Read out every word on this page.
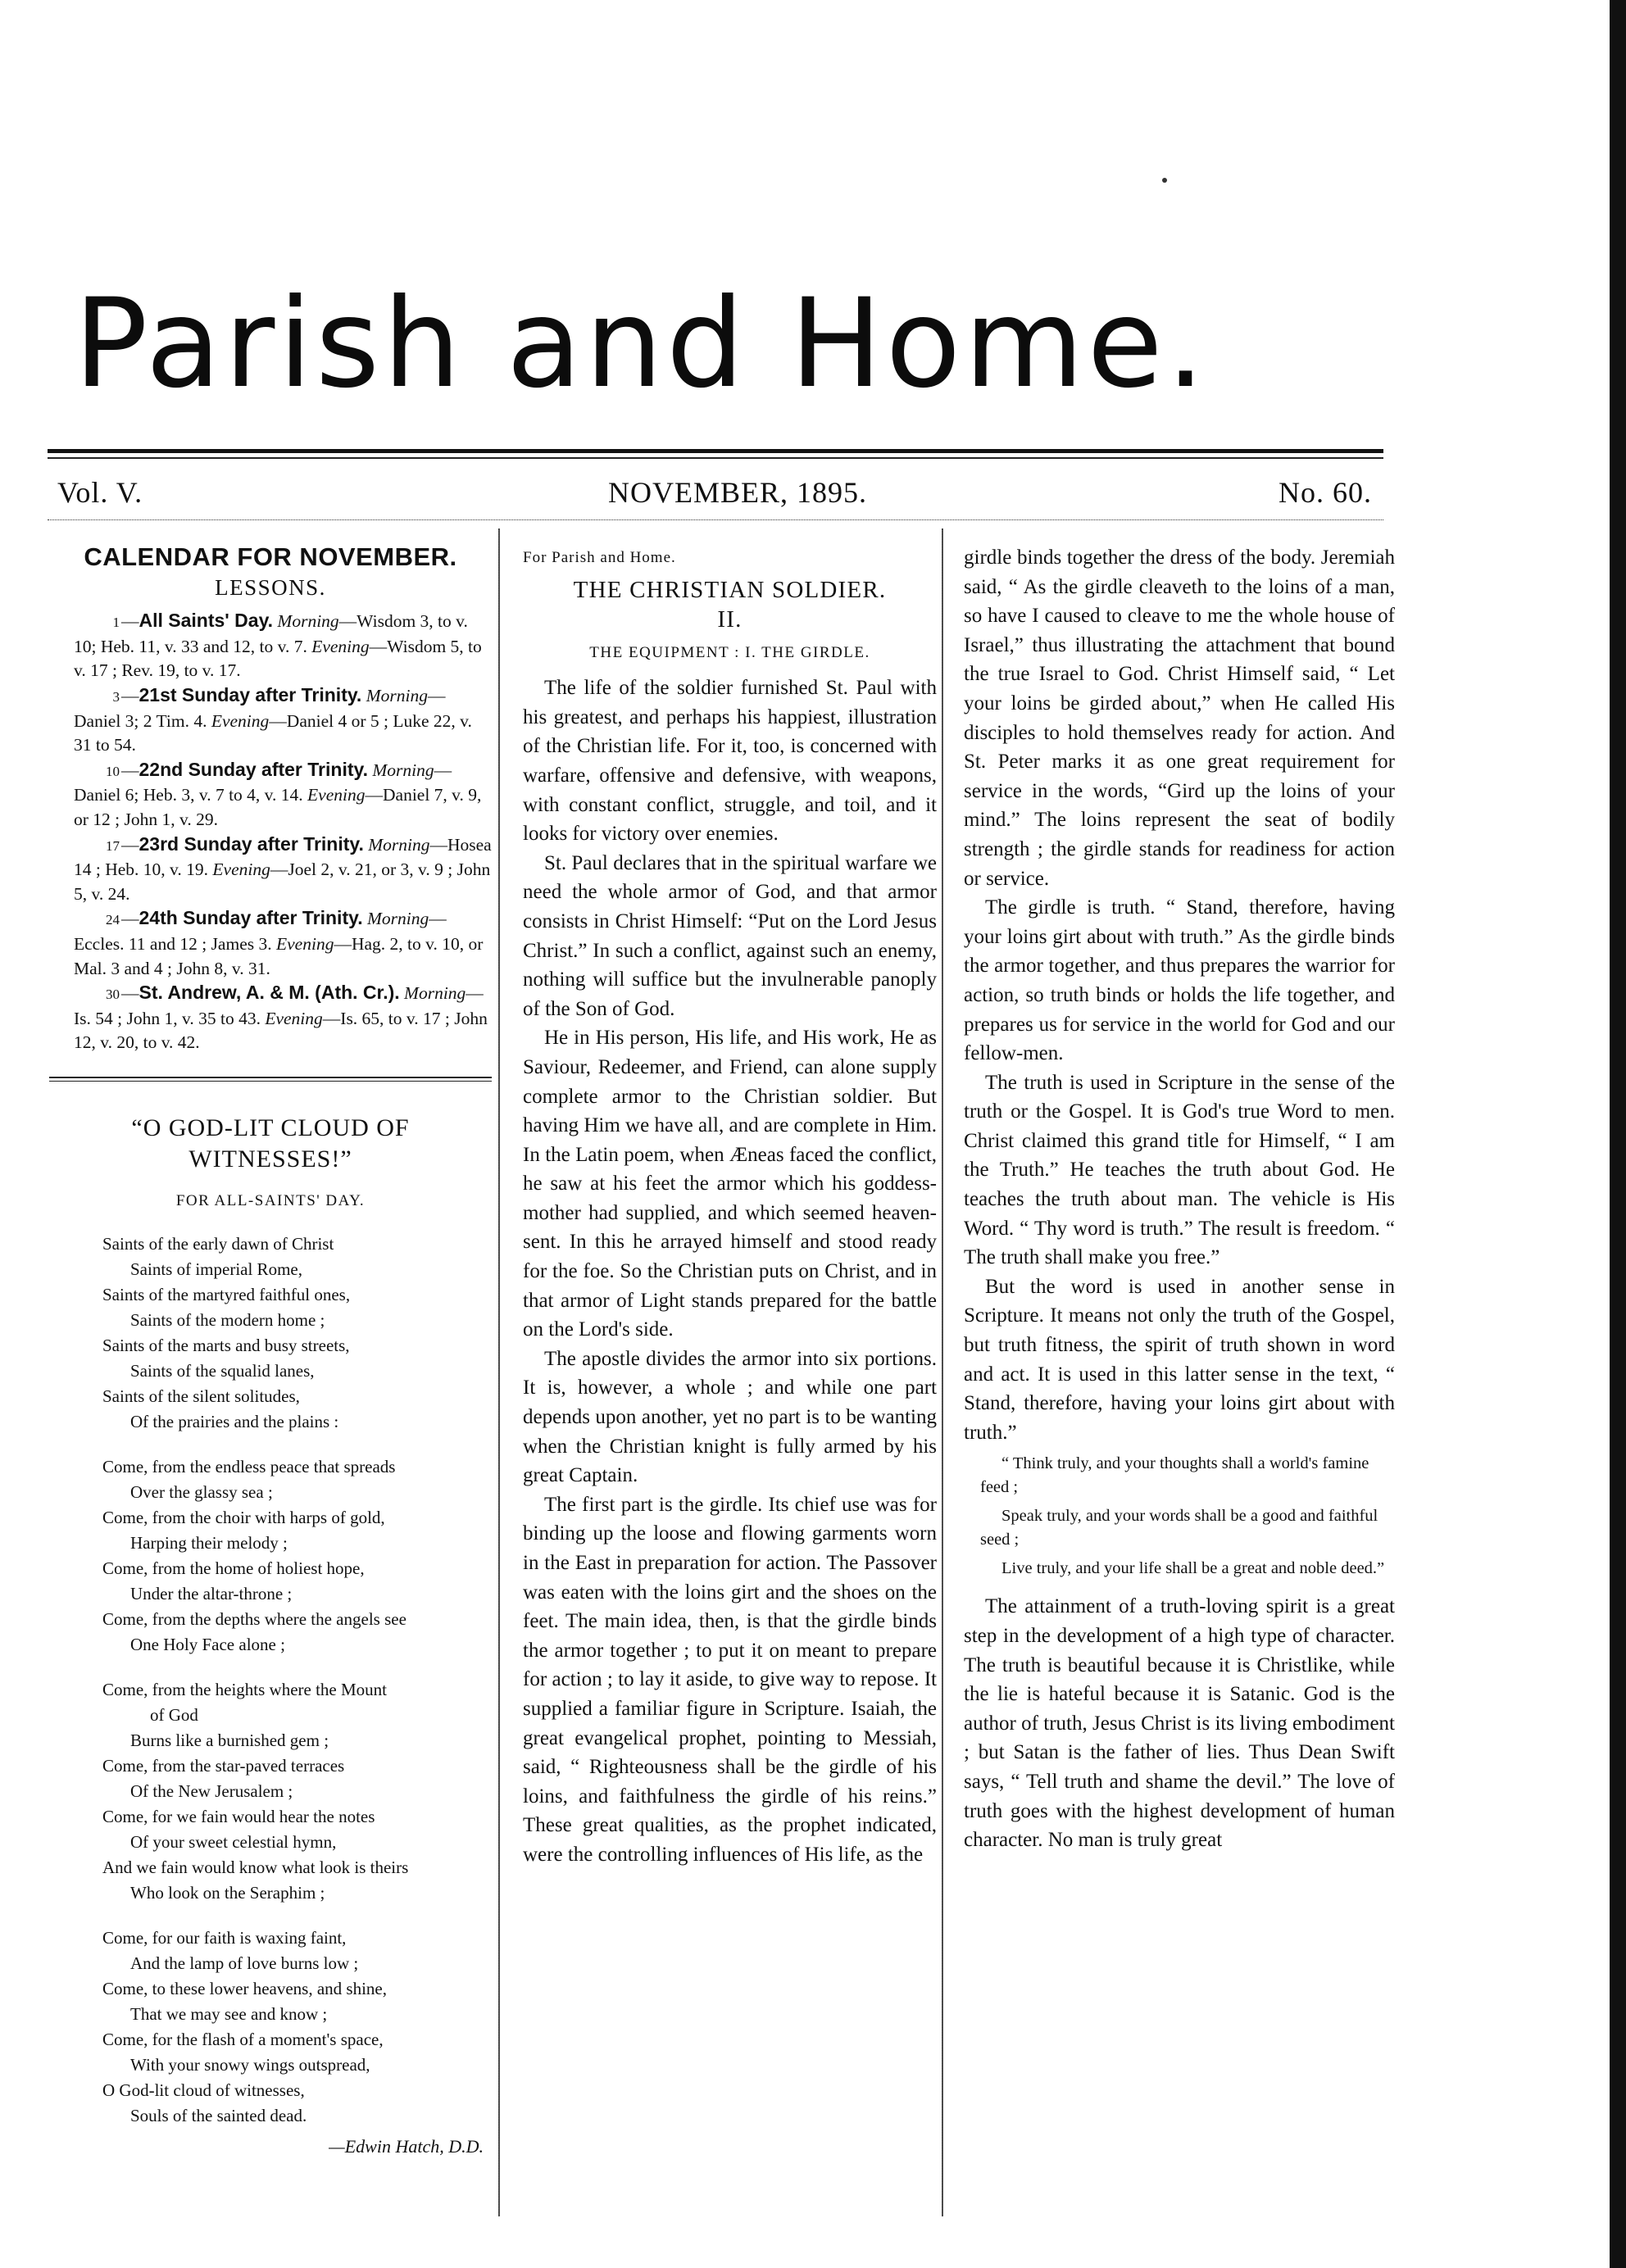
Parish and Home.
Vol. V.	NOVEMBER, 1895.	No. 60.
CALENDAR FOR NOVEMBER.
LESSONS.

1—All Saints' Day. Morning—Wisdom 3, to v. 10; Heb. 11, v. 33 and 12, to v. 7. Evening—Wisdom 5, to v. 17 ; Rev. 19, to v. 17.

3—21st Sunday after Trinity. Morning—Daniel 3; 2 Tim. 4. Evening—Daniel 4 or 5 ; Luke 22, v. 31 to 54.

10—22nd Sunday after Trinity. Morning—Daniel 6; Heb. 3, v. 7 to 4, v. 14. Evening—Daniel 7, v. 9, or 12 ; John 1, v. 29.

17—23rd Sunday after Trinity. Morning—Hosea 14 ; Heb. 10, v. 19. Evening—Joel 2, v. 21, or 3, v. 9 ; John 5, v. 24.

24—24th Sunday after Trinity. Morning—Eccles. 11 and 12 ; James 3. Evening—Hag. 2, to v. 10, or Mal. 3 and 4 ; John 8, v. 31.

30—St. Andrew, A. & M. (Ath. Cr.). Morning—Is. 54 ; John 1, v. 35 to 43. Evening—Is. 65, to v. 17 ; John 12, v. 20, to v. 42.

“O GOD-LIT CLOUD OF WITNESSES!”
FOR ALL-SAINTS' DAY.
Saints of the early dawn of Christ
Saints of imperial Rome,
Saints of the martyred faithful ones,
Saints of the modern home ;
Saints of the marts and busy streets,
Saints of the squalid lanes,
Saints of the silent solitudes,
Of the prairies and the plains :
Come, from the endless peace that spreads
Over the glassy sea ;
Come, from the choir with harps of gold,
Harping their melody ;
Come, from the home of holiest hope,
Under the altar-throne ;
Come, from the depths where the angels see
One Holy Face alone ;
Come, from the heights where the Mount
of God
Burns like a burnished gem ;
Come, from the star-paved terraces
Of the New Jerusalem ;
Come, for we fain would hear the notes
Of your sweet celestial hymn,
And we fain would know what look is theirs
Who look on the Seraphim ;
Come, for our faith is waxing faint,
And the lamp of love burns low ;
Come, to these lower heavens, and shine,
That we may see and know ;
Come, for the flash of a moment's space,
With your snowy wings outspread,
O God-lit cloud of witnesses,
Souls of the sainted dead.
—Edwin Hatch, D.D.
For Parish and Home.
THE CHRISTIAN SOLDIER.
II.
THE EQUIPMENT : I. THE GIRDLE.

The life of the soldier furnished St. Paul with his greatest, and perhaps his happiest, illustration of the Christian life. For it, too, is concerned with warfare, offensive and defensive, with weapons, with constant conflict, struggle, and toil, and it looks for victory over enemies.

St. Paul declares that in the spiritual warfare we need the whole armor of God, and that armor consists in Christ Himself: “Put on the Lord Jesus Christ.” In such a conflict, against such an enemy, nothing will suffice but the invulnerable panoply of the Son of God.

He in His person, His life, and His work, He as Saviour, Redeemer, and Friend, can alone supply complete armor to the Christian soldier. But having Him we have all, and are complete in Him. In the Latin poem, when Æneas faced the conflict, he saw at his feet the armor which his goddess-mother had supplied, and which seemed heaven-sent. In this he arrayed himself and stood ready for the foe. So the Christian puts on Christ, and in that armor of Light stands prepared for the battle on the Lord's side.

The apostle divides the armor into six portions. It is, however, a whole ; and while one part depends upon another, yet no part is to be wanting when the Christian knight is fully armed by his great Captain.

The first part is the girdle. Its chief use was for binding up the loose and flowing garments worn in the East in preparation for action. The Passover was eaten with the loins girt and the shoes on the feet. The main idea, then, is that the girdle binds the armor together ; to put it on meant to prepare for action ; to lay it aside, to give way to repose. It supplied a familiar figure in Scripture. Isaiah, the great evangelical prophet, pointing to Messiah, said, “ Righteousness shall be the girdle of his loins, and faithfulness the girdle of his reins.” These great qualities, as the prophet indicated, were the controlling influences of His life, as the

girdle binds together the dress of the body. Jeremiah said, “ As the girdle cleaveth to the loins of a man, so have I caused to cleave to me the whole house of Israel,” thus illustrating the attachment that bound the true Israel to God. Christ Himself said, “ Let your loins be girded about,” when He called His disciples to hold themselves ready for action. And St. Peter marks it as one great requirement for service in the words, “Gird up the loins of your mind.” The loins represent the seat of bodily strength ; the girdle stands for readiness for action or service.

The girdle is truth. “ Stand, therefore, having your loins girt about with truth.” As the girdle binds the armor together, and thus prepares the warrior for action, so truth binds or holds the life together, and prepares us for service in the world for God and our fellow-men.

The truth is used in Scripture in the sense of the truth or the Gospel. It is God's true Word to men. Christ claimed this grand title for Himself, “ I am the Truth.” He teaches the truth about God. He teaches the truth about man. The vehicle is His Word. “ Thy word is truth.” The result is freedom. “ The truth shall make you free.”

But the word is used in another sense in Scripture. It means not only the truth of the Gospel, but truth fitness, the spirit of truth shown in word and act. It is used in this latter sense in the text, “ Stand, therefore, having your loins girt about with truth.”

“ Think truly, and your thoughts shall a world's famine feed ;

Speak truly, and your words shall be a good and faithful seed ;

Live truly, and your life shall be a great and noble deed.”

The attainment of a truth-loving spirit is a great step in the development of a high type of character. The truth is beautiful because it is Christlike, while the lie is hateful because it is Satanic. God is the author of truth, Jesus Christ is its living embodiment ; but Satan is the father of lies. Thus Dean Swift says, “ Tell truth and shame the devil.” The love of truth goes with the highest development of human character. No man is truly great
